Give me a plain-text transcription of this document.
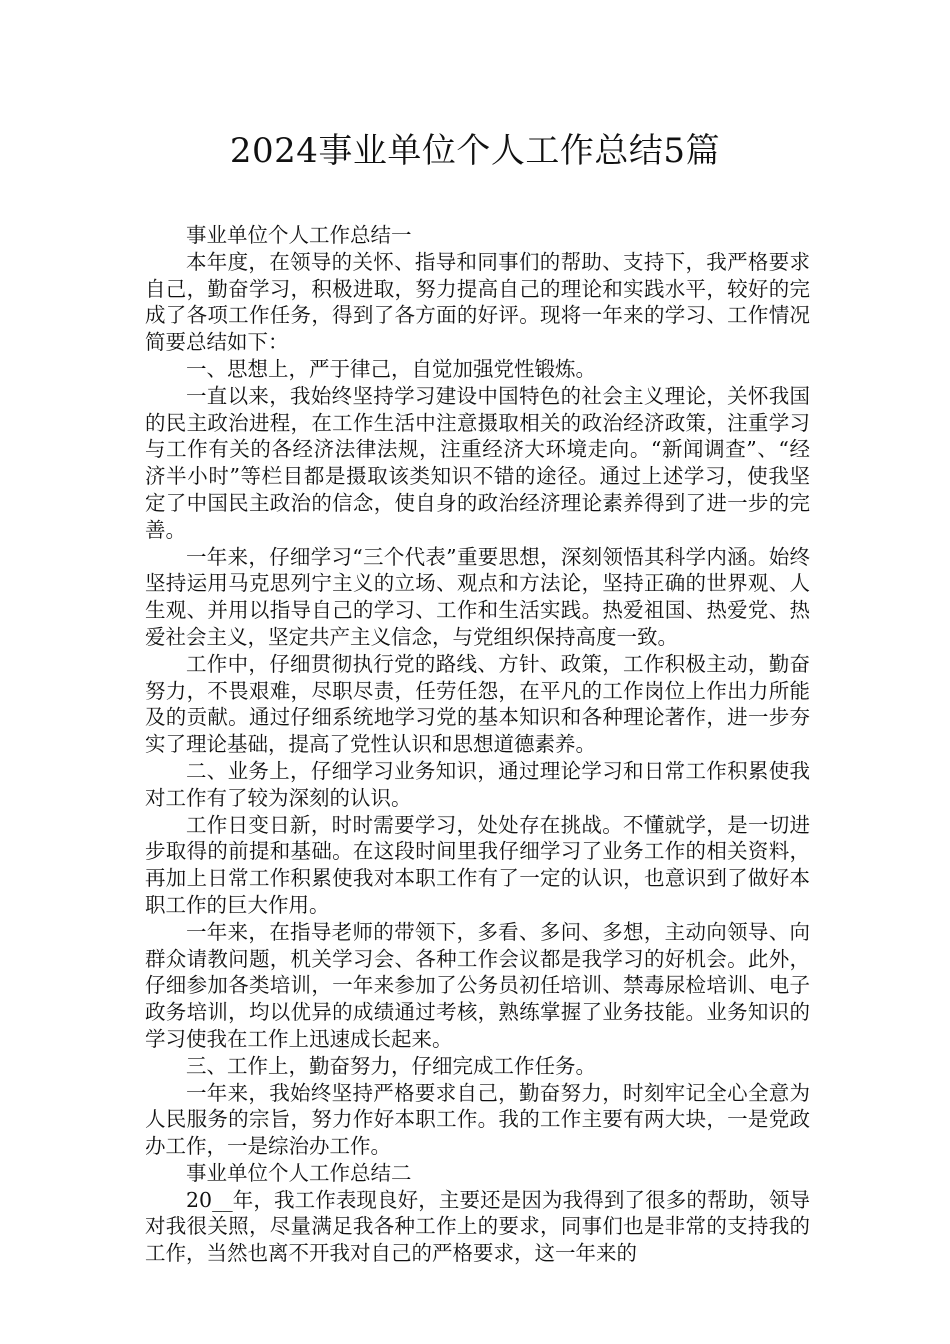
2024事业单位个人工作总结5篇

事业单位个人工作总结一

本年度，在领导的关怀、指导和同事们的帮助、支持下，我严格要求自己，勤奋学习，积极进取，努力提高自己的理论和实践水平，较好的完成了各项工作任务，得到了各方面的好评。现将一年来的学习、工作情况简要总结如下：

一、思想上，严于律己，自觉加强党性锻炼。

一直以来，我始终坚持学习建设中国特色的社会主义理论，关怀我国的民主政治进程，在工作生活中注意摄取相关的政治经济政策，注重学习与工作有关的各经济法律法规，注重经济大环境走向。“新闻调查”、“经济半小时”等栏目都是摄取该类知识不错的途径。通过上述学习，使我坚定了中国民主政治的信念，使自身的政治经济理论素养得到了进一步的完善。

一年来，仔细学习“三个代表”重要思想，深刻领悟其科学内涵。始终坚持运用马克思列宁主义的立场、观点和方法论，坚持正确的世界观、人生观、并用以指导自己的学习、工作和生活实践。热爱祖国、热爱党、热爱社会主义，坚定共产主义信念，与党组织保持高度一致。

工作中，仔细贯彻执行党的路线、方针、政策，工作积极主动，勤奋努力，不畏艰难，尽职尽责，任劳任怨，在平凡的工作岗位上作出力所能及的贡献。通过仔细系统地学习党的基本知识和各种理论著作，进一步夯实了理论基础，提高了党性认识和思想道德素养。

二、业务上，仔细学习业务知识，通过理论学习和日常工作积累使我对工作有了较为深刻的认识。

工作日变日新，时时需要学习，处处存在挑战。不懂就学，是一切进步取得的前提和基础。在这段时间里我仔细学习了业务工作的相关资料，再加上日常工作积累使我对本职工作有了一定的认识，也意识到了做好本职工作的巨大作用。

一年来，在指导老师的带领下，多看、多问、多想，主动向领导、向群众请教问题，机关学习会、各种工作会议都是我学习的好机会。此外，仔细参加各类培训，一年来参加了公务员初任培训、禁毒尿检培训、电子政务培训，均以优异的成绩通过考核，熟练掌握了业务技能。业务知识的学习使我在工作上迅速成长起来。

三、工作上，勤奋努力，仔细完成工作任务。

一年来，我始终坚持严格要求自己，勤奋努力，时刻牢记全心全意为人民服务的宗旨，努力作好本职工作。我的工作主要有两大块，一是党政办工作，一是综治办工作。

事业单位个人工作总结二

20__年，我工作表现良好，主要还是因为我得到了很多的帮助，领导对我很关照，尽量满足我各种工作上的要求，同事们也是非常的支持我的工作，当然也离不开我对自己的严格要求，这一年来的
